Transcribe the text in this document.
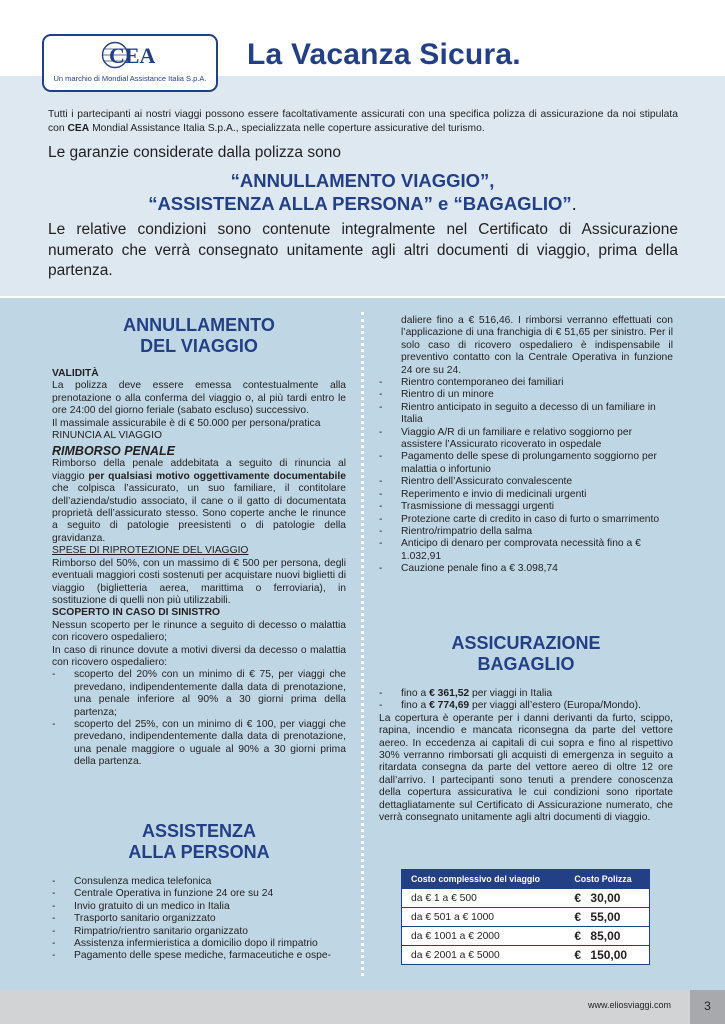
CEA
Un marchio di Mondial Assistance Italia S.p.A.
La Vacanza Sicura.

Tutti i partecipanti ai nostri viaggi possono essere facoltativamente assicurati con una specifica polizza di assicurazione da noi stipulata con CEA Mondial Assistance Italia S.p.A., specializzata nelle coperture assicurative del turismo.

Le garanzie considerate dalla polizza sono
“ANNULLAMENTO VIAGGIO”,
“ASSISTENZA ALLA PERSONA” e “BAGAGLIO”.

Le relative condizioni sono contenute integralmente nel Certificato di Assicurazione numerato che verrà consegnato unitamente agli altri documenti di viaggio, prima della partenza.

ANNULLAMENTO
DEL VIAGGIO

VALIDITÀ

La polizza deve essere emessa contestualmente alla prenotazione o alla conferma del viaggio o, al più tardi entro le ore 24:00 del giorno feriale (sabato escluso) successivo.

Il massimale assicurabile è di € 50.000 per persona/pratica

RINUNCIA AL VIAGGIO

RIMBORSO PENALE

Rimborso della penale addebitata a seguito di rinuncia al viaggio per qualsiasi motivo oggettivamente documentabile che colpisca l’assicurato, un suo familiare, il contitolare dell’azienda/studio associato, il cane o il gatto di documentata proprietà dell’assicurato stesso. Sono coperte anche le rinunce a seguito di patologie preesistenti o di patologie della gravidanza.

SPESE DI RIPROTEZIONE DEL VIAGGIO

Rimborso del 50%, con un massimo di € 500 per persona, degli eventuali maggiori costi sostenuti per acquistare nuovi biglietti di viaggio (biglietteria aerea, marittima o ferroviaria), in sostituzione di quelli non più utilizzabili.

SCOPERTO IN CASO DI SINISTRO

Nessun scoperto per le rinunce a seguito di decesso o malattia con ricovero ospedaliero;

In caso di rinunce dovute a motivi diversi da decesso o malattia con ricovero ospedaliero:

- scoperto del 20% con un minimo di € 75, per viaggi che prevedano, indipendentemente dalla data di prenotazione, una penale inferiore al 90% a 30 giorni prima della partenza;
- scoperto del 25%, con un minimo di € 100, per viaggi che prevedano, indipendentemente dalla data di prenotazione, una penale maggiore o uguale al 90% a 30 giorni prima della partenza.
ASSISTENZA
ALLA PERSONA
- Consulenza medica telefonica
- Centrale Operativa in funzione 24 ore su 24
- Invio gratuito di un medico in Italia
- Trasporto sanitario organizzato
- Rimpatrio/rientro sanitario organizzato
- Assistenza infermieristica a domicilio dopo il rimpatrio
- Pagamento delle spese mediche, farmaceutiche e ospe-

daliere fino a € 516,46. I rimborsi verranno effettuati con l’applicazione di una franchigia di € 51,65 per sinistro. Per il solo caso di ricovero ospedaliero è indispensabile il preventivo contatto con la Centrale Operativa in funzione 24 ore su 24.

- Rientro contemporaneo dei familiari
- Rientro di un minore
- Rientro anticipato in seguito a decesso di un familiare in Italia
- Viaggio A/R di un familiare e relativo soggiorno per assistere l’Assicurato ricoverato in ospedale
- Pagamento delle spese di prolungamento soggiorno per malattia o infortunio
- Rientro dell’Assicurato convalescente
- Reperimento e invio di medicinali urgenti
- Trasmissione di messaggi urgenti
- Protezione carte di credito in caso di furto o smarrimento
- Rientro/rimpatrio della salma
- Anticipo di denaro per comprovata necessità fino a € 1.032,91
- Cauzione penale fino a € 3.098,74
ASSICURAZIONE
BAGAGLIO
- fino a € 361,52 per viaggi in Italia
- fino a € 774,69 per viaggi all’estero (Europa/Mondo).

La copertura è operante per i danni derivanti da furto, scippo, rapina, incendio e mancata riconsegna da parte del vettore aereo. In eccedenza ai capitali di cui sopra e fino al rispettivo 30% verranno rimborsati gli acquisti di emergenza in seguito a ritardata consegna da parte del vettore aereo di oltre 12 ore dall’arrivo. I partecipanti sono tenuti a prendere conoscenza della copertura assicurativa le cui condizioni sono riportate dettagliatamente sul Certificato di Assicurazione numerato, che verrà consegnato unitamente agli altri documenti di viaggio.

Costo complessivo del viaggio	Costo Polizza
da € 1 a € 500	€ 30,00
da € 501 a € 1000	€ 55,00
da € 1001 a € 2000	€ 85,00
da € 2001 a € 5000	€ 150,00
www.eliosviaggi.com	3
